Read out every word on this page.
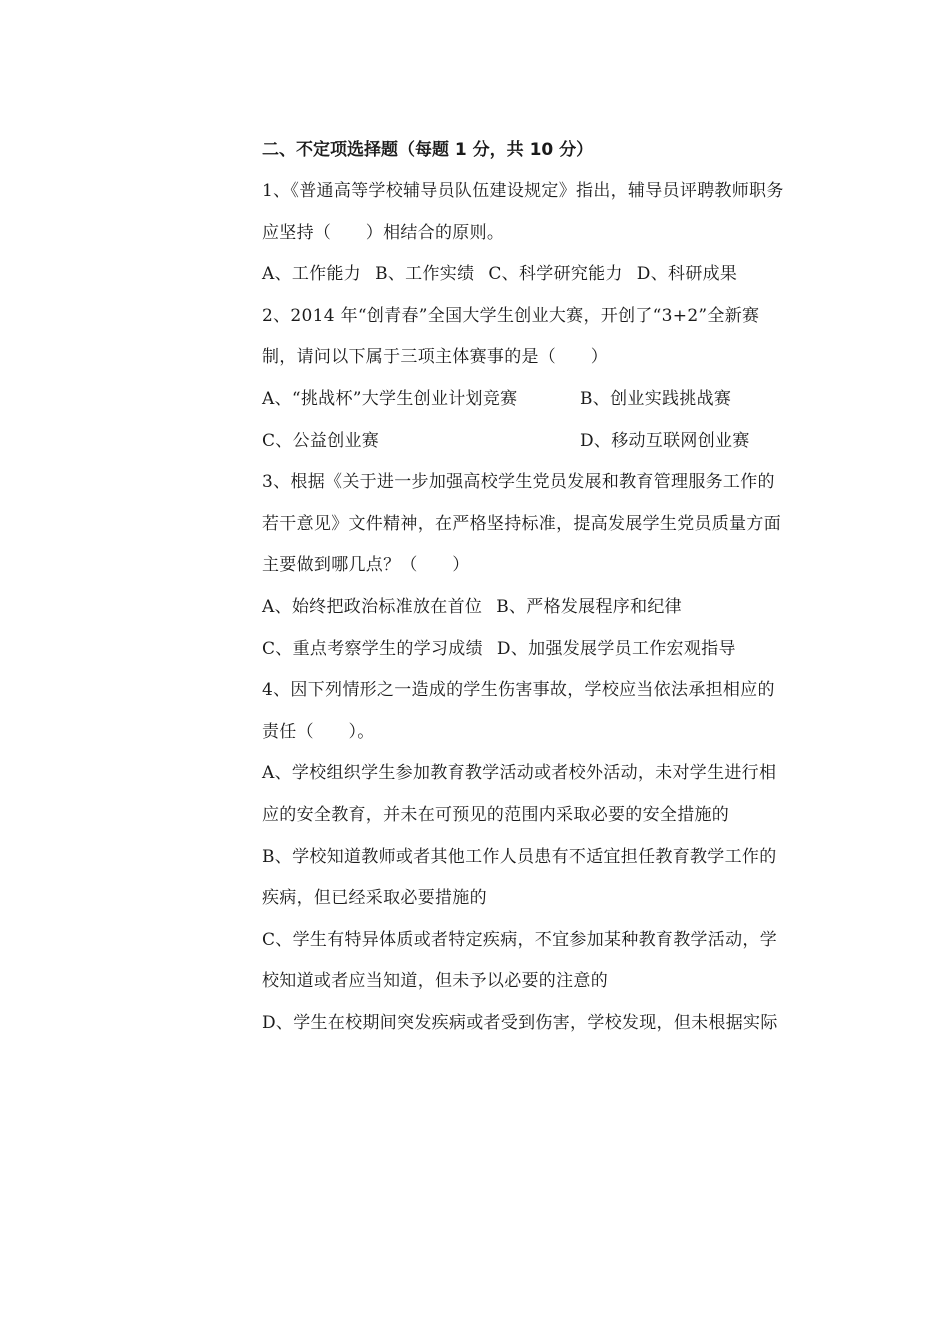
二、不定项选择题（每题 1 分，共 10 分）
1、《普通高等学校辅导员队伍建设规定》指出，辅导员评聘教师职务
应坚持（　　）相结合的原则。
A、工作能力 B、工作实绩 C、科学研究能力 D、科研成果
2、2014 年“创青春”全国大学生创业大赛，开创了“3+2”全新赛
制，请问以下属于三项主体赛事的是（　　）
A、“挑战杯”大学生创业计划竞赛	B、创业实践挑战赛
C、公益创业赛	D、移动互联网创业赛
3、根据《关于进一步加强高校学生党员发展和教育管理服务工作的
若干意见》文件精神，在严格坚持标准，提高发展学生党员质量方面
主要做到哪几点？（　　）
A、始终把政治标准放在首位 B、严格发展程序和纪律
C、重点考察学生的学习成绩 D、加强发展学员工作宏观指导
4、因下列情形之一造成的学生伤害事故，学校应当依法承担相应的
责任（　　）。
A、学校组织学生参加教育教学活动或者校外活动，未对学生进行相
应的安全教育，并未在可预见的范围内采取必要的安全措施的
B、学校知道教师或者其他工作人员患有不适宜担任教育教学工作的
疾病，但已经采取必要措施的
C、学生有特异体质或者特定疾病，不宜参加某种教育教学活动，学
校知道或者应当知道，但未予以必要的注意的
D、学生在校期间突发疾病或者受到伤害，学校发现，但未根据实际
